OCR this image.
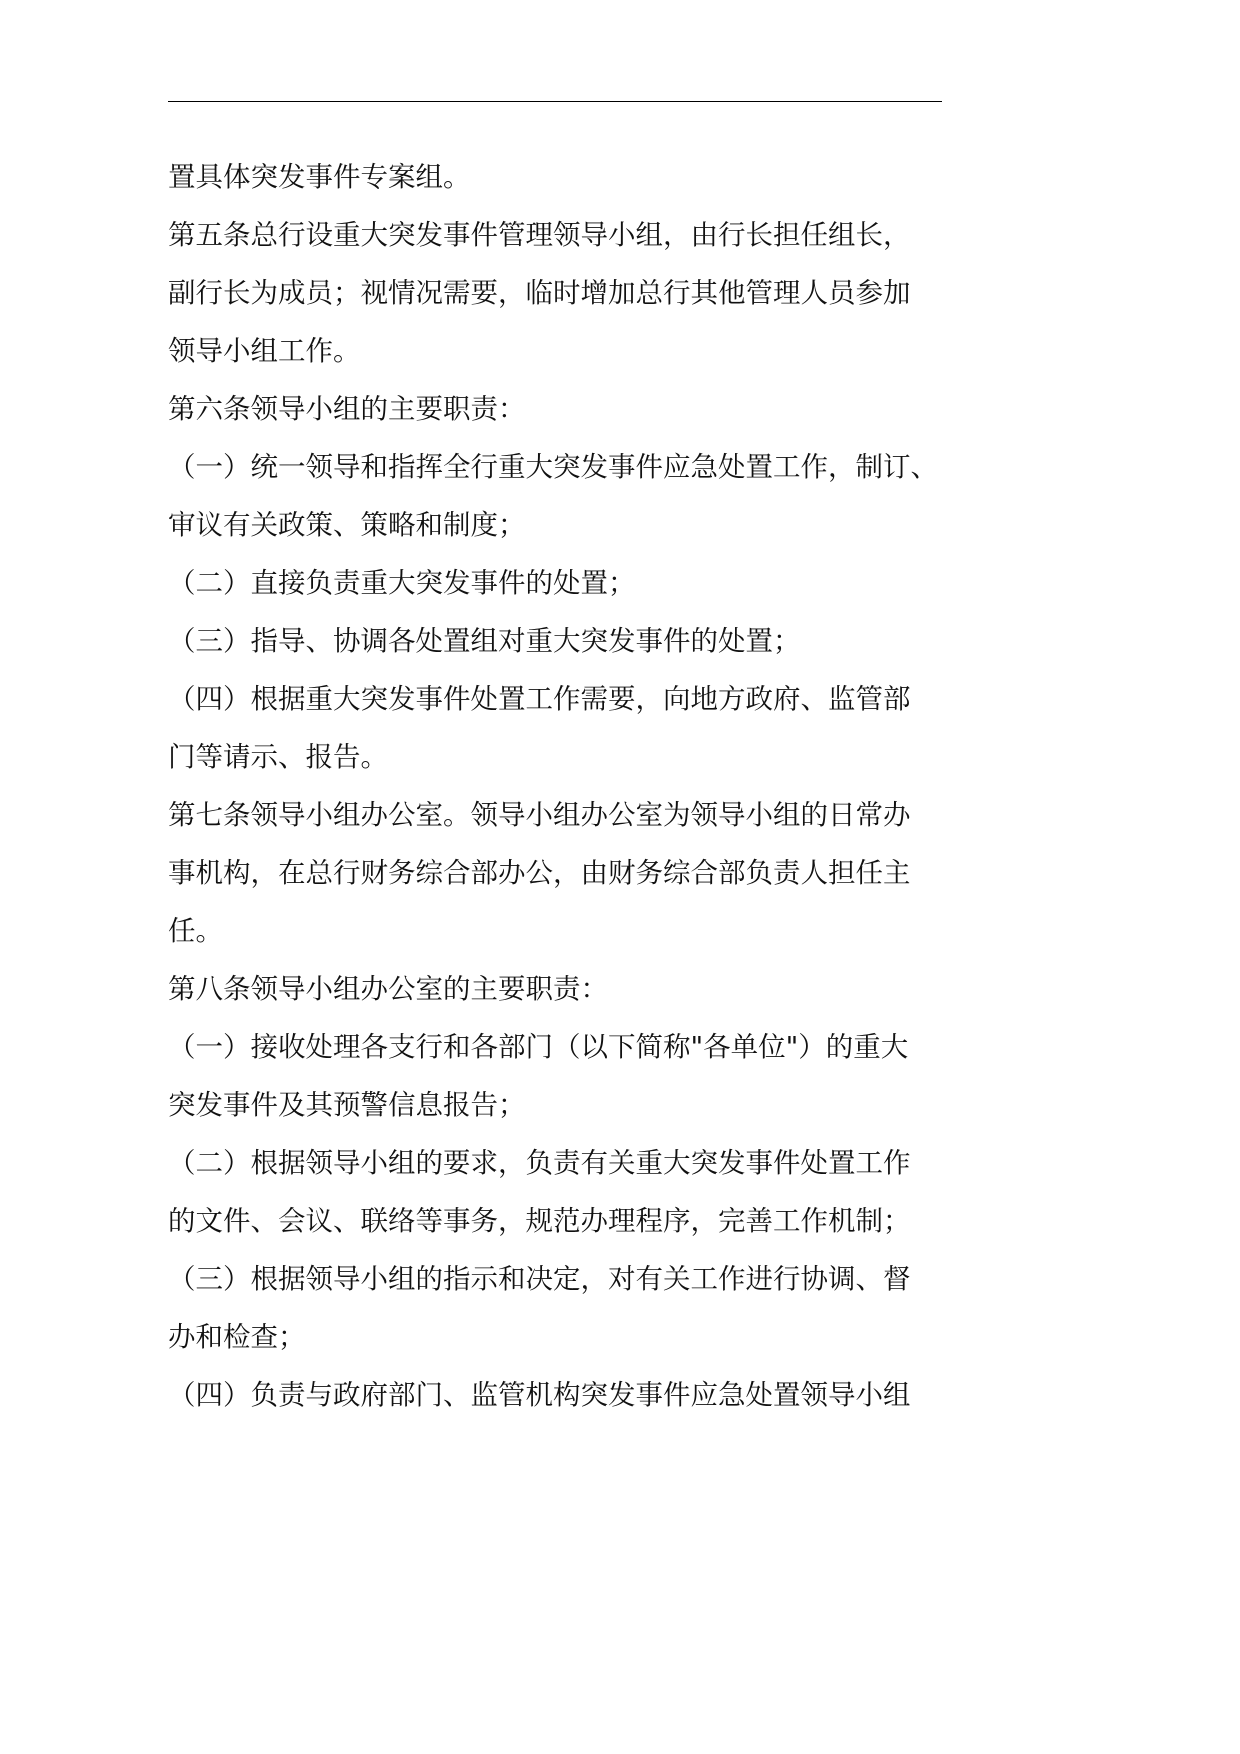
置具体突发事件专案组。

第五条总行设重大突发事件管理领导小组，由行长担任组长，

副行长为成员；视情况需要，临时增加总行其他管理人员参加

领导小组工作。

第六条领导小组的主要职责：

（一）统一领导和指挥全行重大突发事件应急处置工作，制订、

审议有关政策、策略和制度；

（二）直接负责重大突发事件的处置；

（三）指导、协调各处置组对重大突发事件的处置；

（四）根据重大突发事件处置工作需要，向地方政府、监管部

门等请示、报告。

第七条领导小组办公室。领导小组办公室为领导小组的日常办

事机构，在总行财务综合部办公，由财务综合部负责人担任主

任。

第八条领导小组办公室的主要职责：

（一）接收处理各支行和各部门（以下简称"各单位"）的重大

突发事件及其预警信息报告；

（二）根据领导小组的要求，负责有关重大突发事件处置工作

的文件、会议、联络等事务，规范办理程序，完善工作机制；

（三）根据领导小组的指示和决定，对有关工作进行协调、督

办和检查；

（四）负责与政府部门、监管机构突发事件应急处置领导小组
